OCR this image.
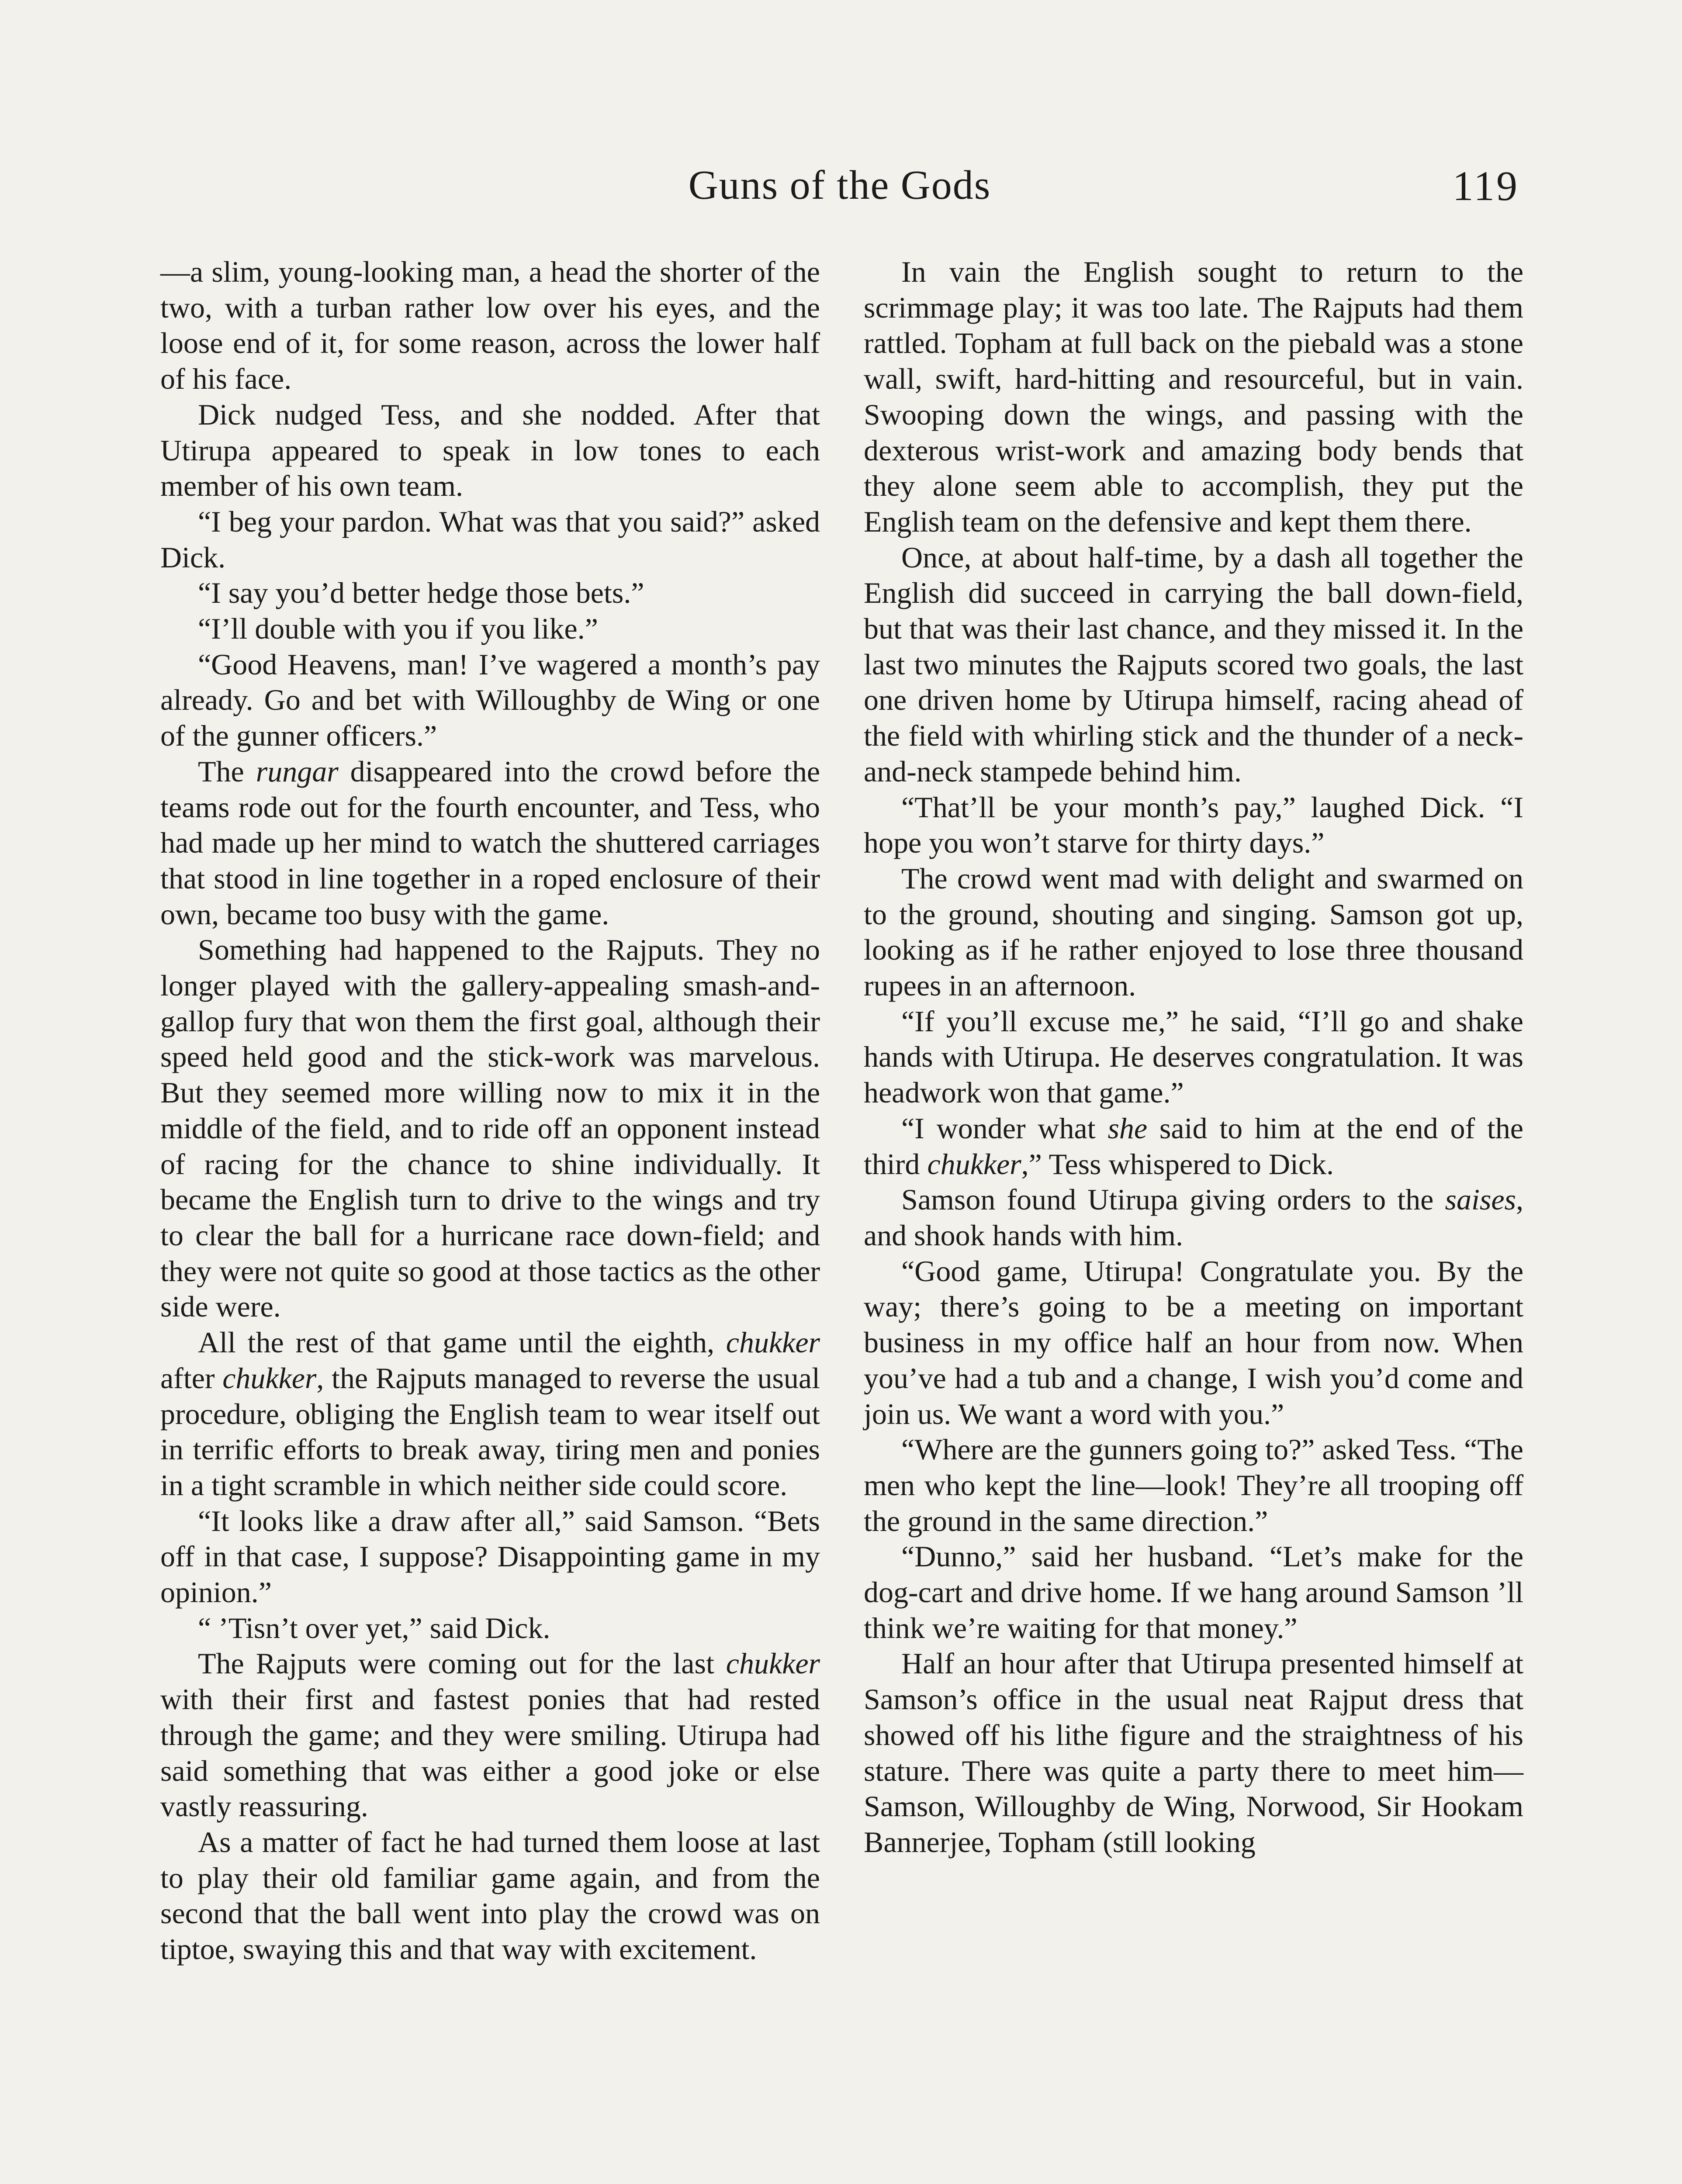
Guns of the Gods	119

—a slim, young-looking man, a head the shorter of the two, with a turban rather low over his eyes, and the loose end of it, for some reason, across the lower half of his face.

Dick nudged Tess, and she nodded. After that Utirupa appeared to speak in low tones to each member of his own team.

“I beg your pardon. What was that you said?” asked Dick.

“I say you’d better hedge those bets.”

“I’ll double with you if you like.”

“Good Heavens, man! I’ve wagered a month’s pay already. Go and bet with Willoughby de Wing or one of the gunner officers.”

The rungar disappeared into the crowd before the teams rode out for the fourth encounter, and Tess, who had made up her mind to watch the shuttered carriages that stood in line together in a roped enclosure of their own, became too busy with the game.

Something had happened to the Rajputs. They no longer played with the gallery-appealing smash-and-gallop fury that won them the first goal, although their speed held good and the stick-work was marvelous. But they seemed more willing now to mix it in the middle of the field, and to ride off an opponent instead of racing for the chance to shine individually. It became the English turn to drive to the wings and try to clear the ball for a hurricane race down-field; and they were not quite so good at those tactics as the other side were.

All the rest of that game until the eighth, chukker after chukker, the Rajputs managed to reverse the usual procedure, obliging the English team to wear itself out in terrific efforts to break away, tiring men and ponies in a tight scramble in which neither side could score.

“It looks like a draw after all,” said Samson. “Bets off in that case, I suppose? Disappointing game in my opinion.”

“ ’Tisn’t over yet,” said Dick.

The Rajputs were coming out for the last chukker with their first and fastest ponies that had rested through the game; and they were smiling. Utirupa had said something that was either a good joke or else vastly reassuring.

As a matter of fact he had turned them loose at last to play their old familiar game again, and from the second that the ball went into play the crowd was on tiptoe, swaying this and that way with excitement.

In vain the English sought to return to the scrimmage play; it was too late. The Rajputs had them rattled. Topham at full back on the piebald was a stone wall, swift, hard-hitting and resourceful, but in vain. Swooping down the wings, and passing with the dexterous wrist-work and amazing body bends that they alone seem able to accomplish, they put the English team on the defensive and kept them there.

Once, at about half-time, by a dash all together the English did succeed in carrying the ball down-field, but that was their last chance, and they missed it. In the last two minutes the Rajputs scored two goals, the last one driven home by Utirupa himself, racing ahead of the field with whirling stick and the thunder of a neck-and-neck stampede behind him.

“That’ll be your month’s pay,” laughed Dick. “I hope you won’t starve for thirty days.”

The crowd went mad with delight and swarmed on to the ground, shouting and singing. Samson got up, looking as if he rather enjoyed to lose three thousand rupees in an afternoon.

“If you’ll excuse me,” he said, “I’ll go and shake hands with Utirupa. He deserves congratulation. It was headwork won that game.”

“I wonder what she said to him at the end of the third chukker,” Tess whispered to Dick.

Samson found Utirupa giving orders to the saises, and shook hands with him.

“Good game, Utirupa! Congratulate you. By the way; there’s going to be a meeting on important business in my office half an hour from now. When you’ve had a tub and a change, I wish you’d come and join us. We want a word with you.”

“Where are the gunners going to?” asked Tess. “The men who kept the line—look! They’re all trooping off the ground in the same direction.”

“Dunno,” said her husband. “Let’s make for the dog-cart and drive home. If we hang around Samson ’ll think we’re waiting for that money.”

Half an hour after that Utirupa presented himself at Samson’s office in the usual neat Rajput dress that showed off his lithe figure and the straightness of his stature. There was quite a party there to meet him—Samson, Willoughby de Wing, Norwood, Sir Hookam Bannerjee, Topham (still looking
